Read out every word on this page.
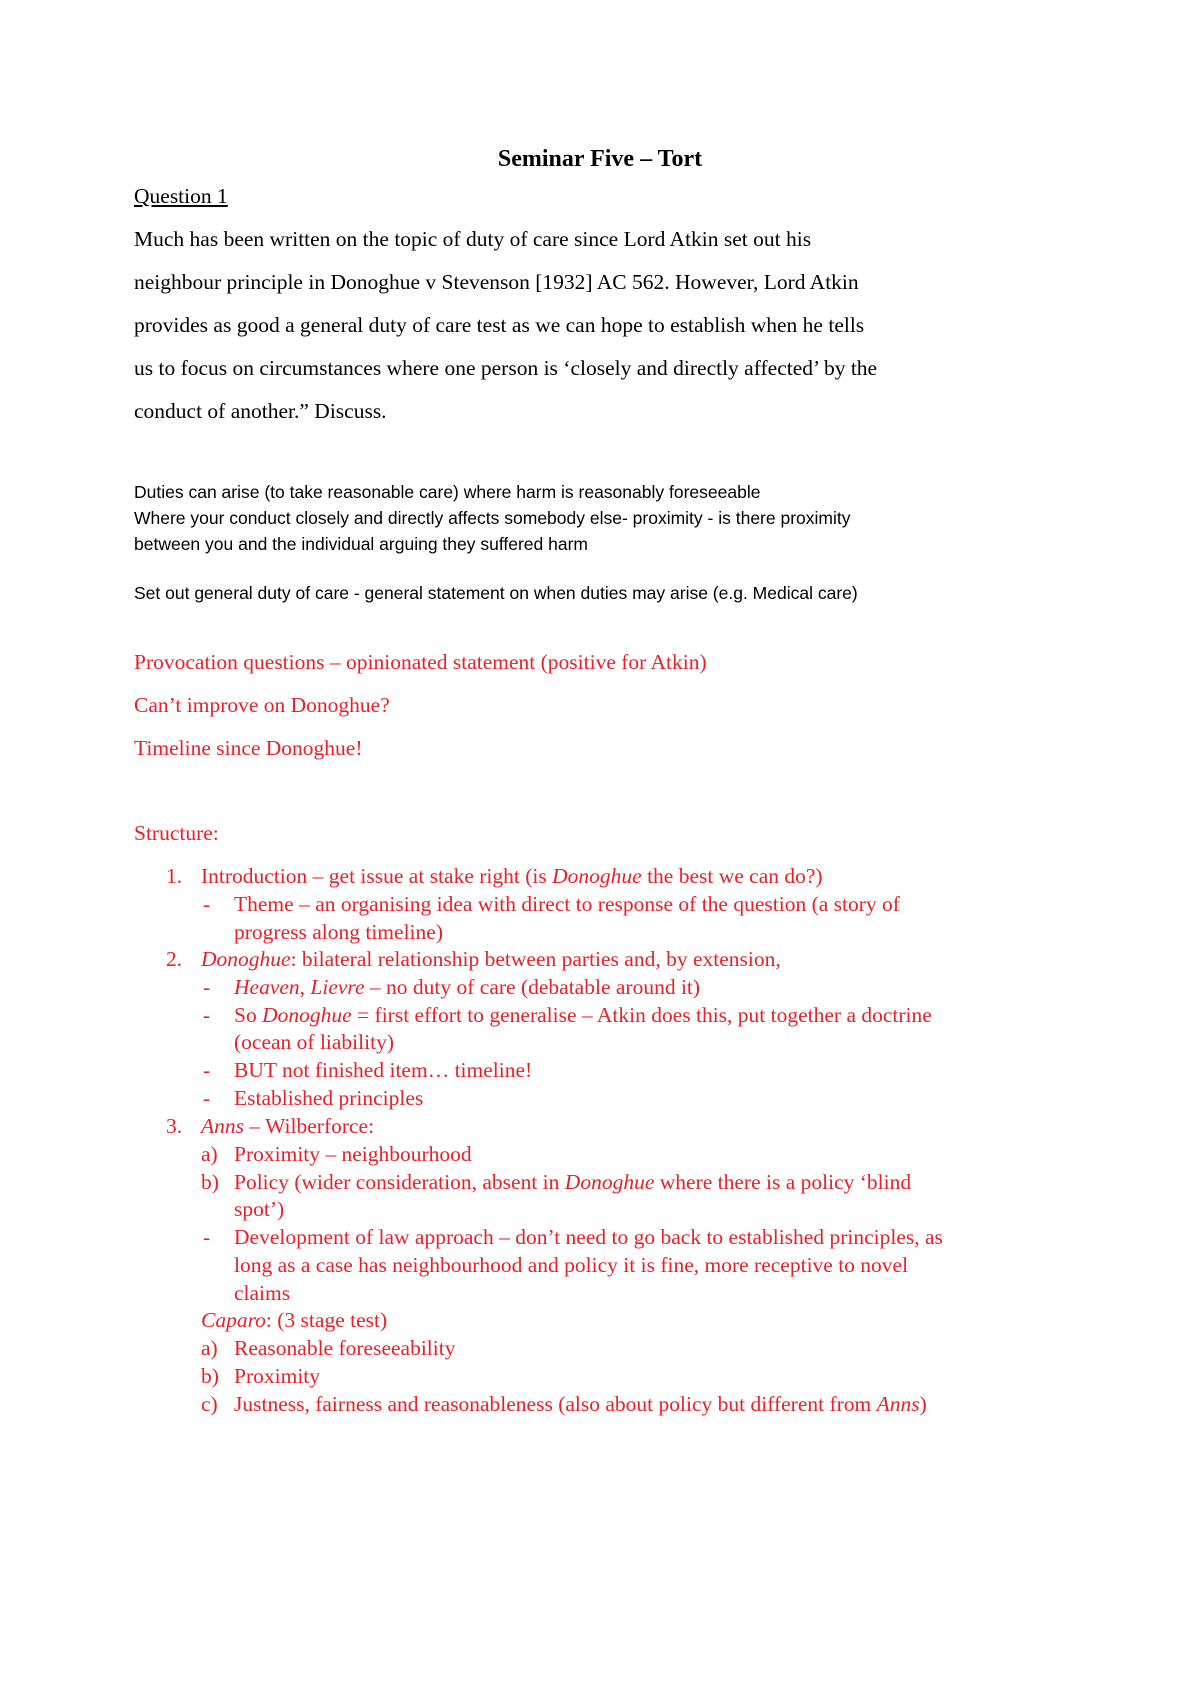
Seminar Five – Tort
Question 1
Much has been written on the topic of duty of care since Lord Atkin set out his
neighbour principle in Donoghue v Stevenson [1932] AC 562. However, Lord Atkin
provides as good a general duty of care test as we can hope to establish when he tells
us to focus on circumstances where one person is ‘closely and directly affected’ by the
conduct of another.” Discuss.
Duties can arise (to take reasonable care) where harm is reasonably foreseeable
Where your conduct closely and directly affects somebody else- proximity - is there proximity
between you and the individual arguing they suffered harm
Set out general duty of care - general statement on when duties may arise (e.g. Medical care)
Provocation questions – opinionated statement (positive for Atkin)
Can’t improve on Donoghue?
Timeline since Donoghue!
Structure:
1. Introduction – get issue at stake right (is Donoghue the best we can do?)
- Theme – an organising idea with direct to response of the question (a story of
progress along timeline)
2. Donoghue: bilateral relationship between parties and, by extension,
- Heaven, Lievre – no duty of care (debatable around it)
- So Donoghue = first effort to generalise – Atkin does this, put together a doctrine
(ocean of liability)
- BUT not finished item… timeline!
- Established principles
3. Anns – Wilberforce:
a) Proximity – neighbourhood
b) Policy (wider consideration, absent in Donoghue where there is a policy ‘blind
spot’)
- Development of law approach – don’t need to go back to established principles, as
long as a case has neighbourhood and policy it is fine, more receptive to novel
claims
Caparo: (3 stage test)
a) Reasonable foreseeability
b) Proximity
c) Justness, fairness and reasonableness (also about policy but different from Anns)
